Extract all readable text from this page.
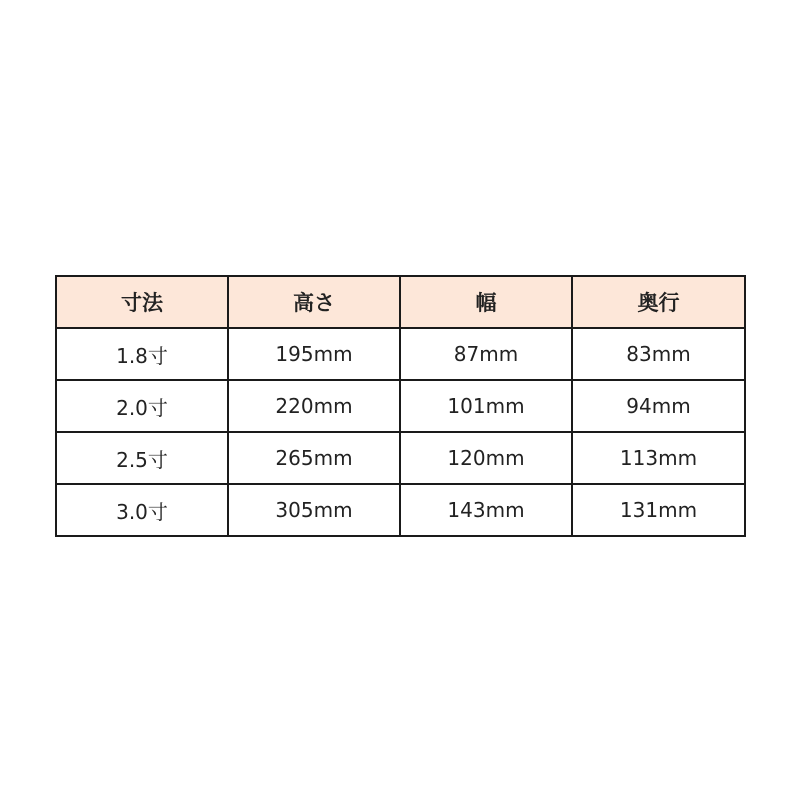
寸法	高さ	幅	奥行
1.8寸	195mm	87mm	83mm
2.0寸	220mm	101mm	94mm
2.5寸	265mm	120mm	113mm
3.0寸	305mm	143mm	131mm
